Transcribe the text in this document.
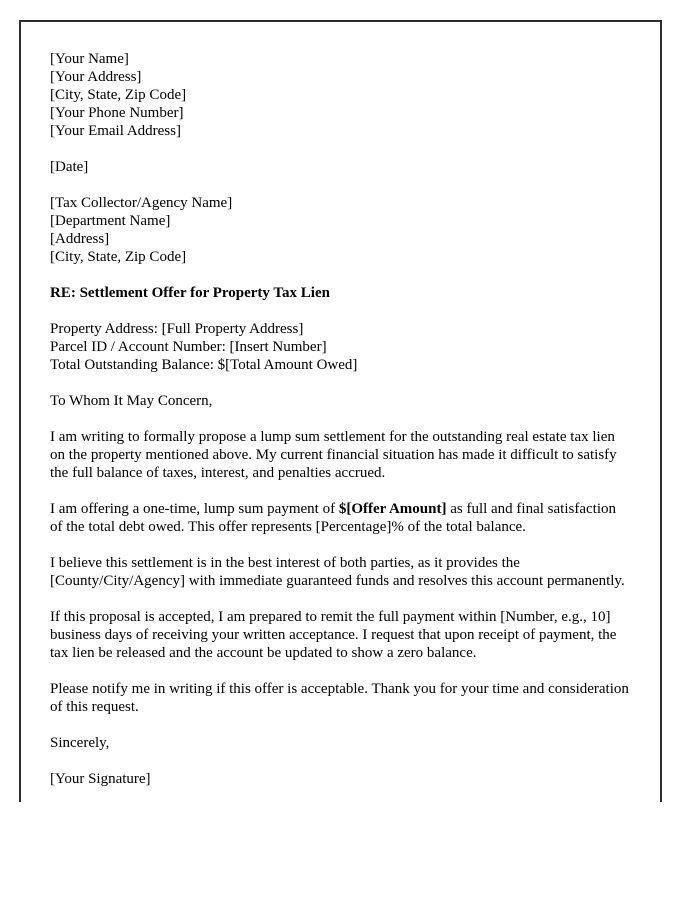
[Your Name]
[Your Address]
[City, State, Zip Code]
[Your Phone Number]
[Your Email Address]
[Date]
[Tax Collector/Agency Name]
[Department Name]
[Address]
[City, State, Zip Code]
RE: Settlement Offer for Property Tax Lien
Property Address: [Full Property Address]
Parcel ID / Account Number: [Insert Number]
Total Outstanding Balance: $[Total Amount Owed]
To Whom It May Concern,

I am writing to formally propose a lump sum settlement for the outstanding real estate tax lien on the property mentioned above. My current financial situation has made it difficult to satisfy the full balance of taxes, interest, and penalties accrued.

I am offering a one-time, lump sum payment of $[Offer Amount] as full and final satisfaction of the total debt owed. This offer represents [Percentage]% of the total balance.

I believe this settlement is in the best interest of both parties, as it provides the [County/City/Agency] with immediate guaranteed funds and resolves this account permanently.

If this proposal is accepted, I am prepared to remit the full payment within [Number, e.g., 10] business days of receiving your written acceptance. I request that upon receipt of payment, the tax lien be released and the account be updated to show a zero balance.

Please notify me in writing if this offer is acceptable. Thank you for your time and consideration of this request.

Sincerely,
[Your Signature]
